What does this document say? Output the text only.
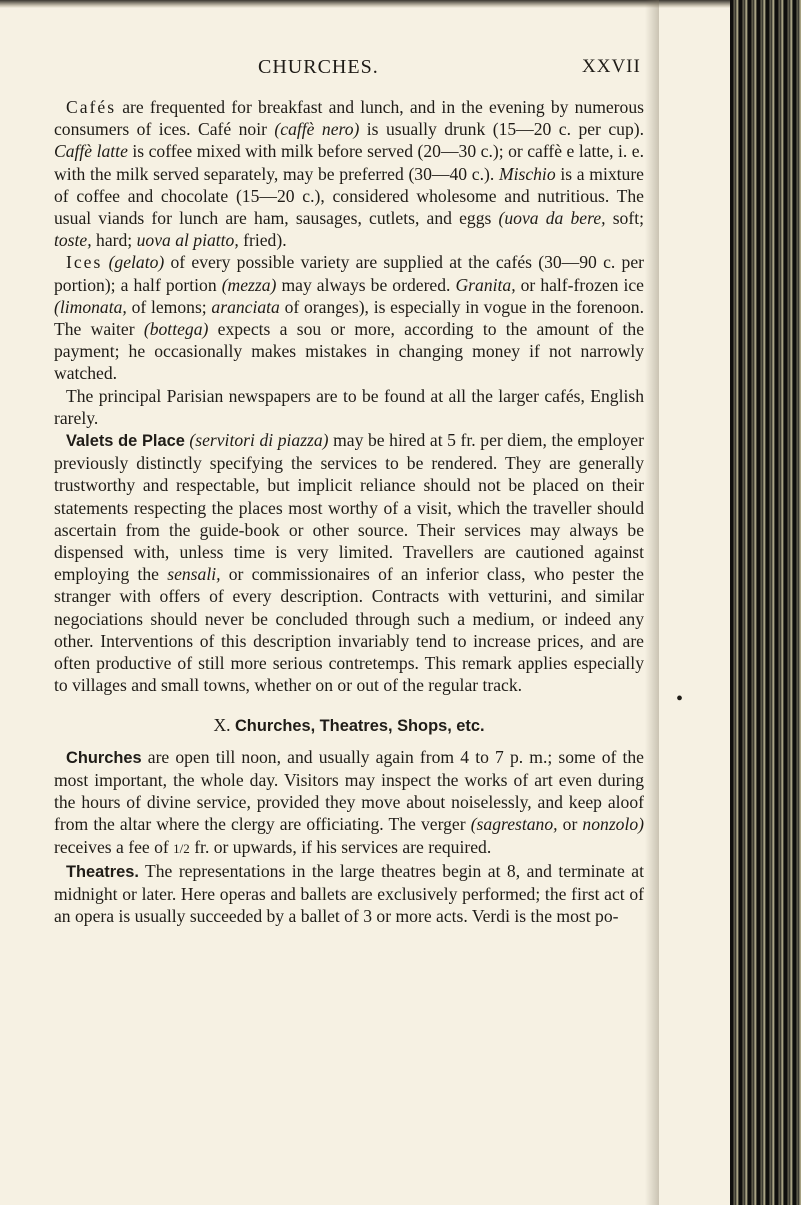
CHURCHES.	XXVII

Cafés are frequented for breakfast and lunch, and in the evening by numerous consumers of ices. Café noir (caffè nero) is usually drunk (15—20 c. per cup). Caffè latte is coffee mixed with milk before served (20—30 c.); or caffè e latte, i. e. with the milk served separately, may be preferred (30—40 c.). Mischio is a mixture of coffee and chocolate (15—20 c.), considered wholesome and nutritious. The usual viands for lunch are ham, sausages, cutlets, and eggs (uova da bere, soft; toste, hard; uova al piatto, fried).

Ices (gelato) of every possible variety are supplied at the cafés (30—90 c. per portion); a half portion (mezza) may always be ordered. Granita, or half-frozen ice (limonata, of lemons; aranciata of oranges), is especially in vogue in the forenoon. The waiter (bottega) expects a sou or more, according to the amount of the payment; he occasionally makes mistakes in changing money if not narrowly watched.

The principal Parisian newspapers are to be found at all the larger cafés, English rarely.

Valets de Place (servitori di piazza) may be hired at 5 fr. per diem, the employer previously distinctly specifying the services to be rendered. They are generally trustworthy and respectable, but implicit reliance should not be placed on their statements respecting the places most worthy of a visit, which the traveller should ascertain from the guide-book or other source. Their services may always be dispensed with, unless time is very limited. Travellers are cautioned against employing the sensali, or commissionaires of an inferior class, who pester the stranger with offers of every description. Contracts with vetturini, and similar negociations should never be concluded through such a medium, or indeed any other. Interventions of this description invariably tend to increase prices, and are often productive of still more serious contretemps. This remark applies especially to villages and small towns, whether on or out of the regular track.

X. Churches, Theatres, Shops, etc.

Churches are open till noon, and usually again from 4 to 7 p. m.; some of the most important, the whole day. Visitors may inspect the works of art even during the hours of divine service, provided they move about noiselessly, and keep aloof from the altar where the clergy are officiating. The verger (sagrestano, or nonzolo) receives a fee of 1/2 fr. or upwards, if his services are required.

Theatres. The representations in the large theatres begin at 8, and terminate at midnight or later. Here operas and ballets are exclusively performed; the first act of an opera is usually succeeded by a ballet of 3 or more acts. Verdi is the most po-

•
